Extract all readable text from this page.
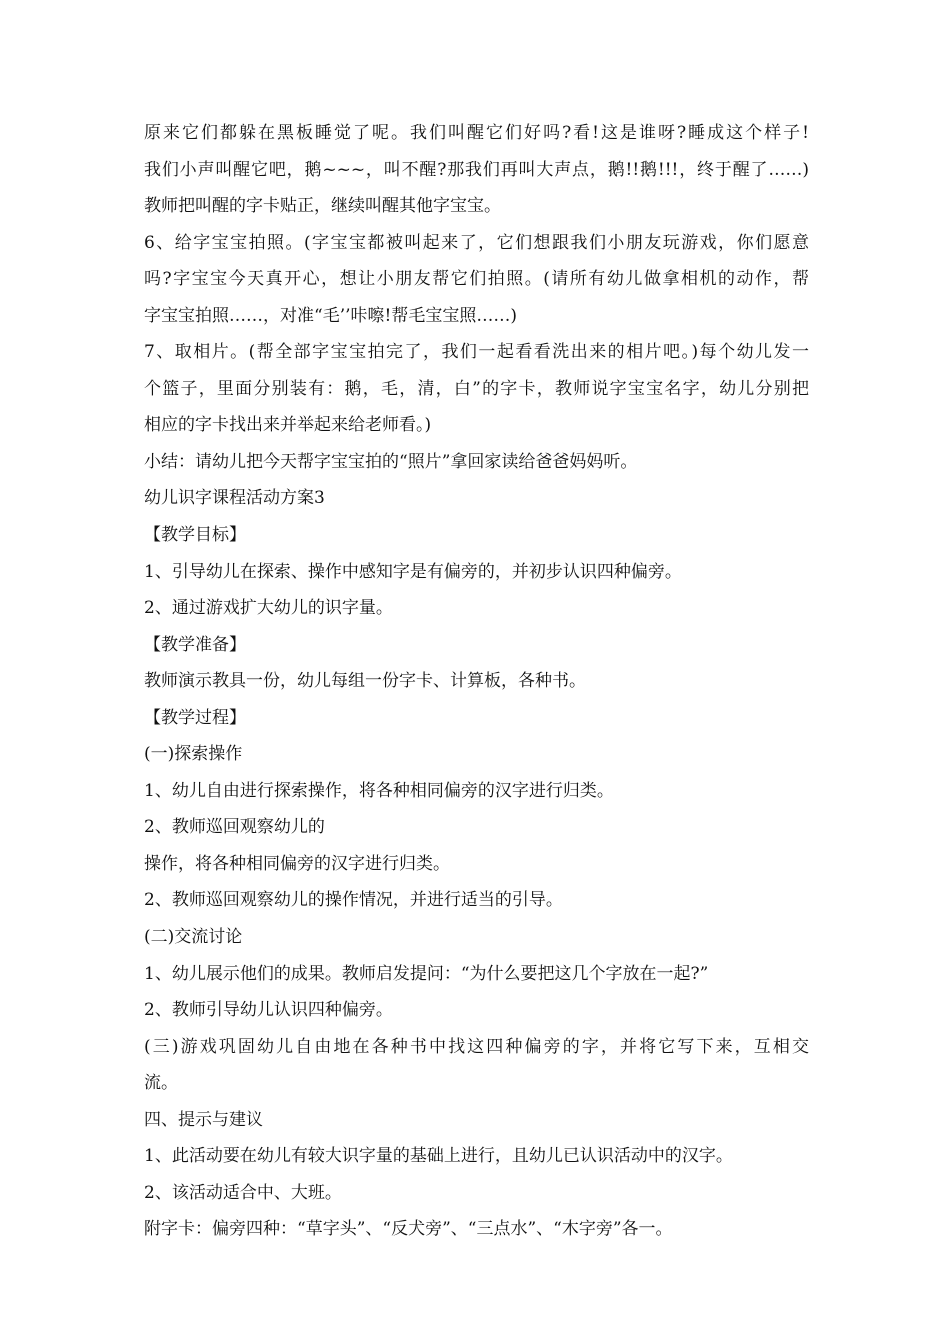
原来它们都躲在黑板睡觉了呢。我们叫醒它们好吗?看!这是谁呀?睡成这个样子!
我们小声叫醒它吧，鹅~~~，叫不醒?那我们再叫大声点，鹅!!鹅!!!，终于醒了……)
教师把叫醒的字卡贴正，继续叫醒其他字宝宝。
6、给字宝宝拍照。(字宝宝都被叫起来了，它们想跟我们小朋友玩游戏，你们愿意
吗?字宝宝今天真开心，想让小朋友帮它们拍照。(请所有幼儿做拿相机的动作，帮
字宝宝拍照……，对准“毛’’咔嚓!帮毛宝宝照……)
7、取相片。(帮全部字宝宝拍完了，我们一起看看洗出来的相片吧。)每个幼儿发一
个篮子，里面分别装有：鹅，毛，清，白”的字卡，教师说字宝宝名字，幼儿分别把
相应的字卡找出来并举起来给老师看。)
小结：请幼儿把今天帮字宝宝拍的“照片”拿回家读给爸爸妈妈听。
幼儿识字课程活动方案3
【教学目标】
1、引导幼儿在探索、操作中感知字是有偏旁的，并初步认识四种偏旁。
2、通过游戏扩大幼儿的识字量。
【教学准备】
教师演示教具一份，幼儿每组一份字卡、计算板，各种书。
【教学过程】
(一)探索操作
1、幼儿自由进行探索操作，将各种相同偏旁的汉字进行归类。
2、教师巡回观察幼儿的
操作，将各种相同偏旁的汉字进行归类。
2、教师巡回观察幼儿的操作情况，并进行适当的引导。
(二)交流讨论
1、幼儿展示他们的成果。教师启发提问：“为什么要把这几个字放在一起?”
2、教师引导幼儿认识四种偏旁。
(三)游戏巩固幼儿自由地在各种书中找这四种偏旁的字，并将它写下来，互相交
流。
四、提示与建议
1、此活动要在幼儿有较大识字量的基础上进行，且幼儿已认识活动中的汉字。
2、该活动适合中、大班。
附字卡：偏旁四种：“草字头”、“反犬旁”、“三点水”、“木字旁”各一。
